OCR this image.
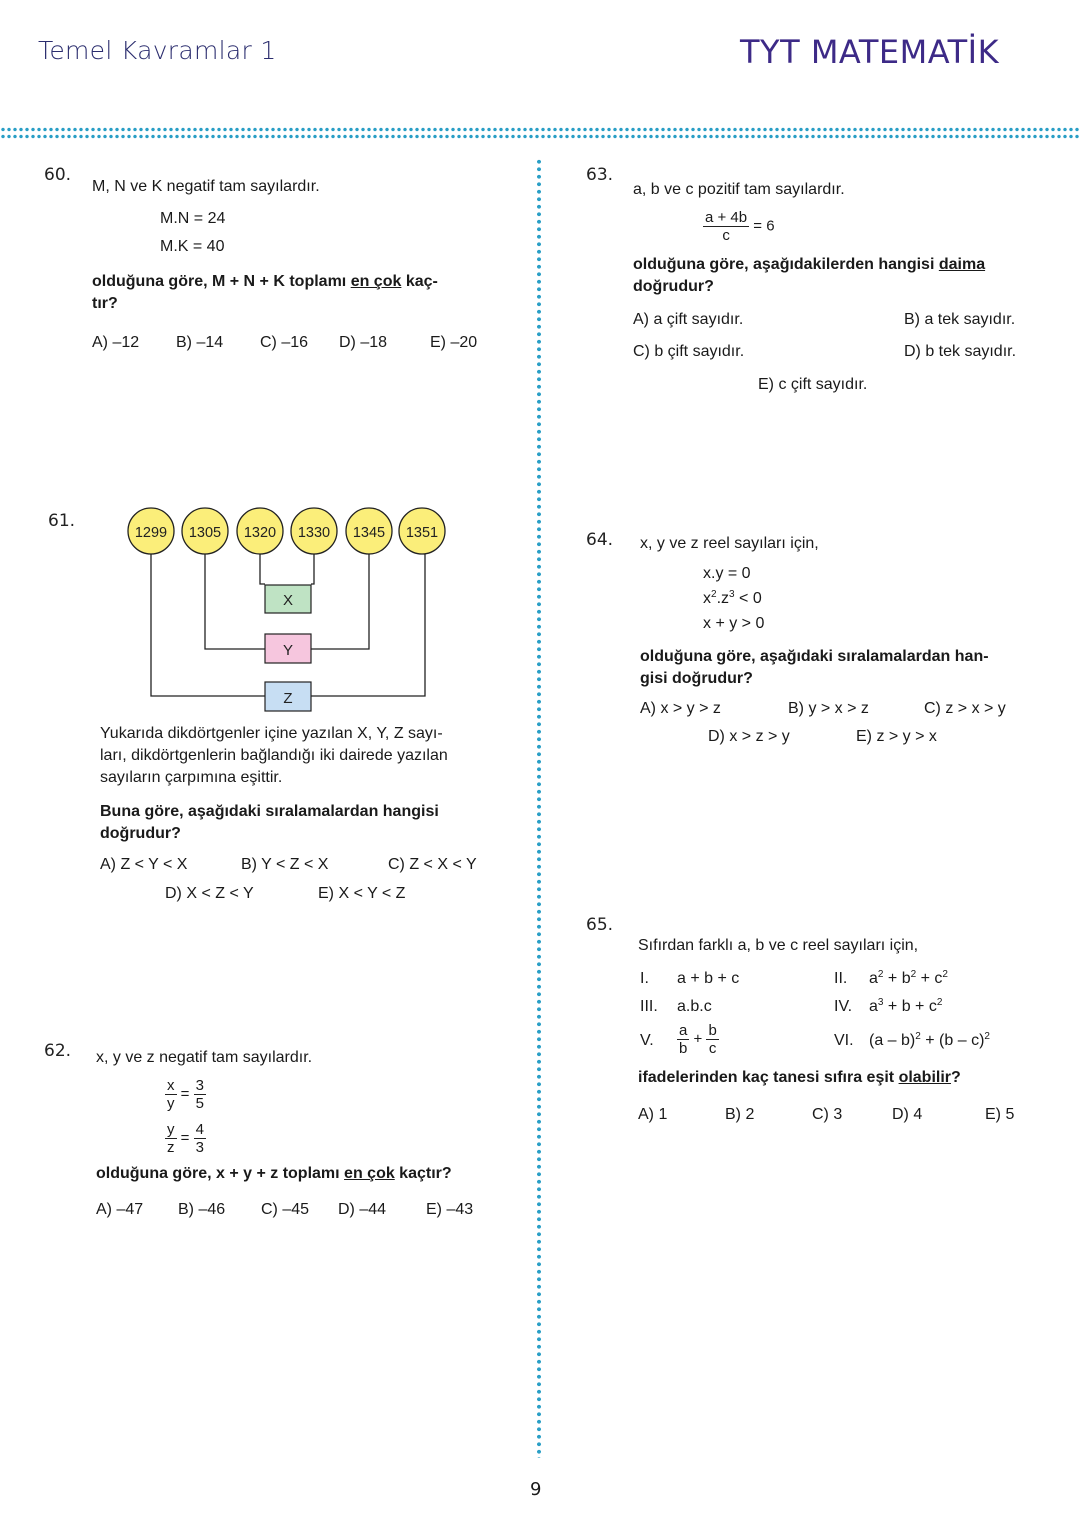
Temel Kavramlar 1	TYT MATEMATİK
60.
M, N ve K negatif tam sayılardır.
M.N = 24
M.K = 40
olduğuna göre, M + N + K toplamı en çok kaç-
tır?
A) –12 B) –14 C) –16 D) –18	E) –20
61.
X
Y
Z
1299 1305 1320 1330 1345 1351
Yukarıda dikdörtgenler içine yazılan X, Y, Z sayı-
ları, dikdörtgenlerin bağlandığı iki dairede yazılan
sayıların çarpımına eşittir.
Buna göre, aşağıdaki sıralamalardan hangisi
doğrudur?
A) Z < Y < X	B) Y < Z < X	C) Z < X < Y
D) X < Z < Y	E) X < Y < Z
62. x, y ve z negatif tam sayılardır.
$\frac{x}{y} = \frac{3}{5}$
$\frac{y}{z} = \frac{4}{3}$
olduğuna göre, x + y + z toplamı en çok kaçtır?
A) –47 B) –46 C) –45 D) –44 E) –43
63.
a, b ve c pozitif tam sayılardır.
$\frac{a + 4b}{c} = 6$
olduğuna göre, aşağıdakilerden hangisi daima
doğrudur?
A) a çift sayıdır.	B) a tek sayıdır.
C) b çift sayıdır.	D) b tek sayıdır.
E) c çift sayıdır.
64. x, y ve z reel sayıları için,
x.y = 0
$x^2.z^3 < 0$
x + y > 0
olduğuna göre, aşağıdaki sıralamalardan han-
gisi doğrudur?
A) x > y > z	B) y > x > z	C) z > x > y
D) x > z > y	E) z > y > x
65.
Sıfırdan farklı a, b ve c reel sayıları için,
I. a + b + c	II. $a^2 + b^2 + c^2$
III. a.b.c	IV. $a^3 + b + c^2$
V. $\frac{a}{b} + \frac{b}{c}$	VI. (a – b)$^2$ + (b – c)$^2$
ifadelerinden kaç tanesi sıfıra eşit olabilir?
A) 1	B) 2	C) 3	D) 4	E) 5
9
